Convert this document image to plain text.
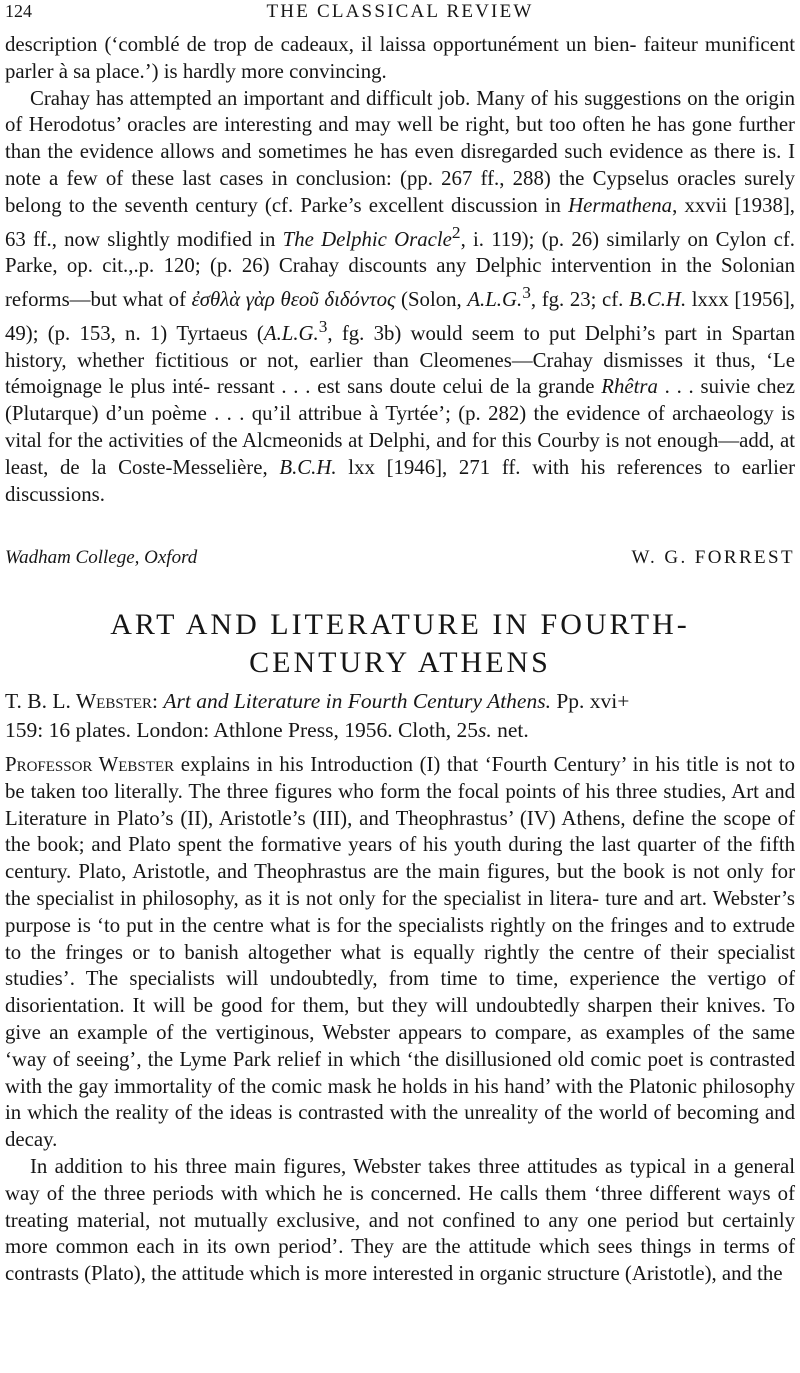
124	THE CLASSICAL REVIEW

description (‘comblé de trop de cadeaux, il laissa opportunément un bien- faiteur munificent parler à sa place.’) is hardly more convincing.

Crahay has attempted an important and difficult job. Many of his suggestions on the origin of Herodotus’ oracles are interesting and may well be right, but too often he has gone further than the evidence allows and sometimes he has even disregarded such evidence as there is. I note a few of these last cases in conclusion: (pp. 267 ff., 288) the Cypselus oracles surely belong to the seventh century (cf. Parke’s excellent discussion in Hermathena, xxvii [1938], 63 ff., now slightly modified in The Delphic Oracle$^2$, i. 119); (p. 26) similarly on Cylon cf. Parke, op. cit.,.p. 120; (p. 26) Crahay discounts any Delphic intervention in the Solonian reforms—but what of ἐσθλὰ γὰρ θεοῦ διδόντος (Solon, A.L.G.$^3$, fg. 23; cf. B.C.H. lxxx [1956], 49); (p. 153, n. 1) Tyrtaeus (A.L.G.$^3$, fg. 3b) would seem to put Delphi’s part in Spartan history, whether fictitious or not, earlier than Cleomenes—Crahay dismisses it thus, ‘Le témoignage le plus inté- ressant . . . est sans doute celui de la grande Rhêtra . . . suivie chez (Plutarque) d’un poème . . . qu’il attribue à Tyrtée’; (p. 282) the evidence of archaeology is vital for the activities of the Alcmeonids at Delphi, and for this Courby is not enough—add, at least, de la Coste-Messelière, B.C.H. lxx [1946], 271 ff. with his references to earlier discussions.

Wadham College, Oxford	W. G. FORREST
ART AND LITERATURE IN FOURTH-
CENTURY ATHENS

T. B. L. Webster: Art and Literature in Fourth Century Athens. Pp. xvi+
159: 16 plates. London: Athlone Press, 1956. Cloth, 25s. net.

Professor Webster explains in his Introduction (I) that ‘Fourth Century’ in his title is not to be taken too literally. The three figures who form the focal points of his three studies, Art and Literature in Plato’s (II), Aristotle’s (III), and Theophrastus’ (IV) Athens, define the scope of the book; and Plato spent the formative years of his youth during the last quarter of the fifth century. Plato, Aristotle, and Theophrastus are the main figures, but the book is not only for the specialist in philosophy, as it is not only for the specialist in litera- ture and art. Webster’s purpose is ‘to put in the centre what is for the specialists rightly on the fringes and to extrude to the fringes or to banish altogether what is equally rightly the centre of their specialist studies’. The specialists will undoubtedly, from time to time, experience the vertigo of disorientation. It will be good for them, but they will undoubtedly sharpen their knives. To give an example of the vertiginous, Webster appears to compare, as examples of the same ‘way of seeing’, the Lyme Park relief in which ‘the disillusioned old comic poet is contrasted with the gay immortality of the comic mask he holds in his hand’ with the Platonic philosophy in which the reality of the ideas is contrasted with the unreality of the world of becoming and decay.

In addition to his three main figures, Webster takes three attitudes as typical in a general way of the three periods with which he is concerned. He calls them ‘three different ways of treating material, not mutually exclusive, and not confined to any one period but certainly more common each in its own period’. They are the attitude which sees things in terms of contrasts (Plato), the attitude which is more interested in organic structure (Aristotle), and the
